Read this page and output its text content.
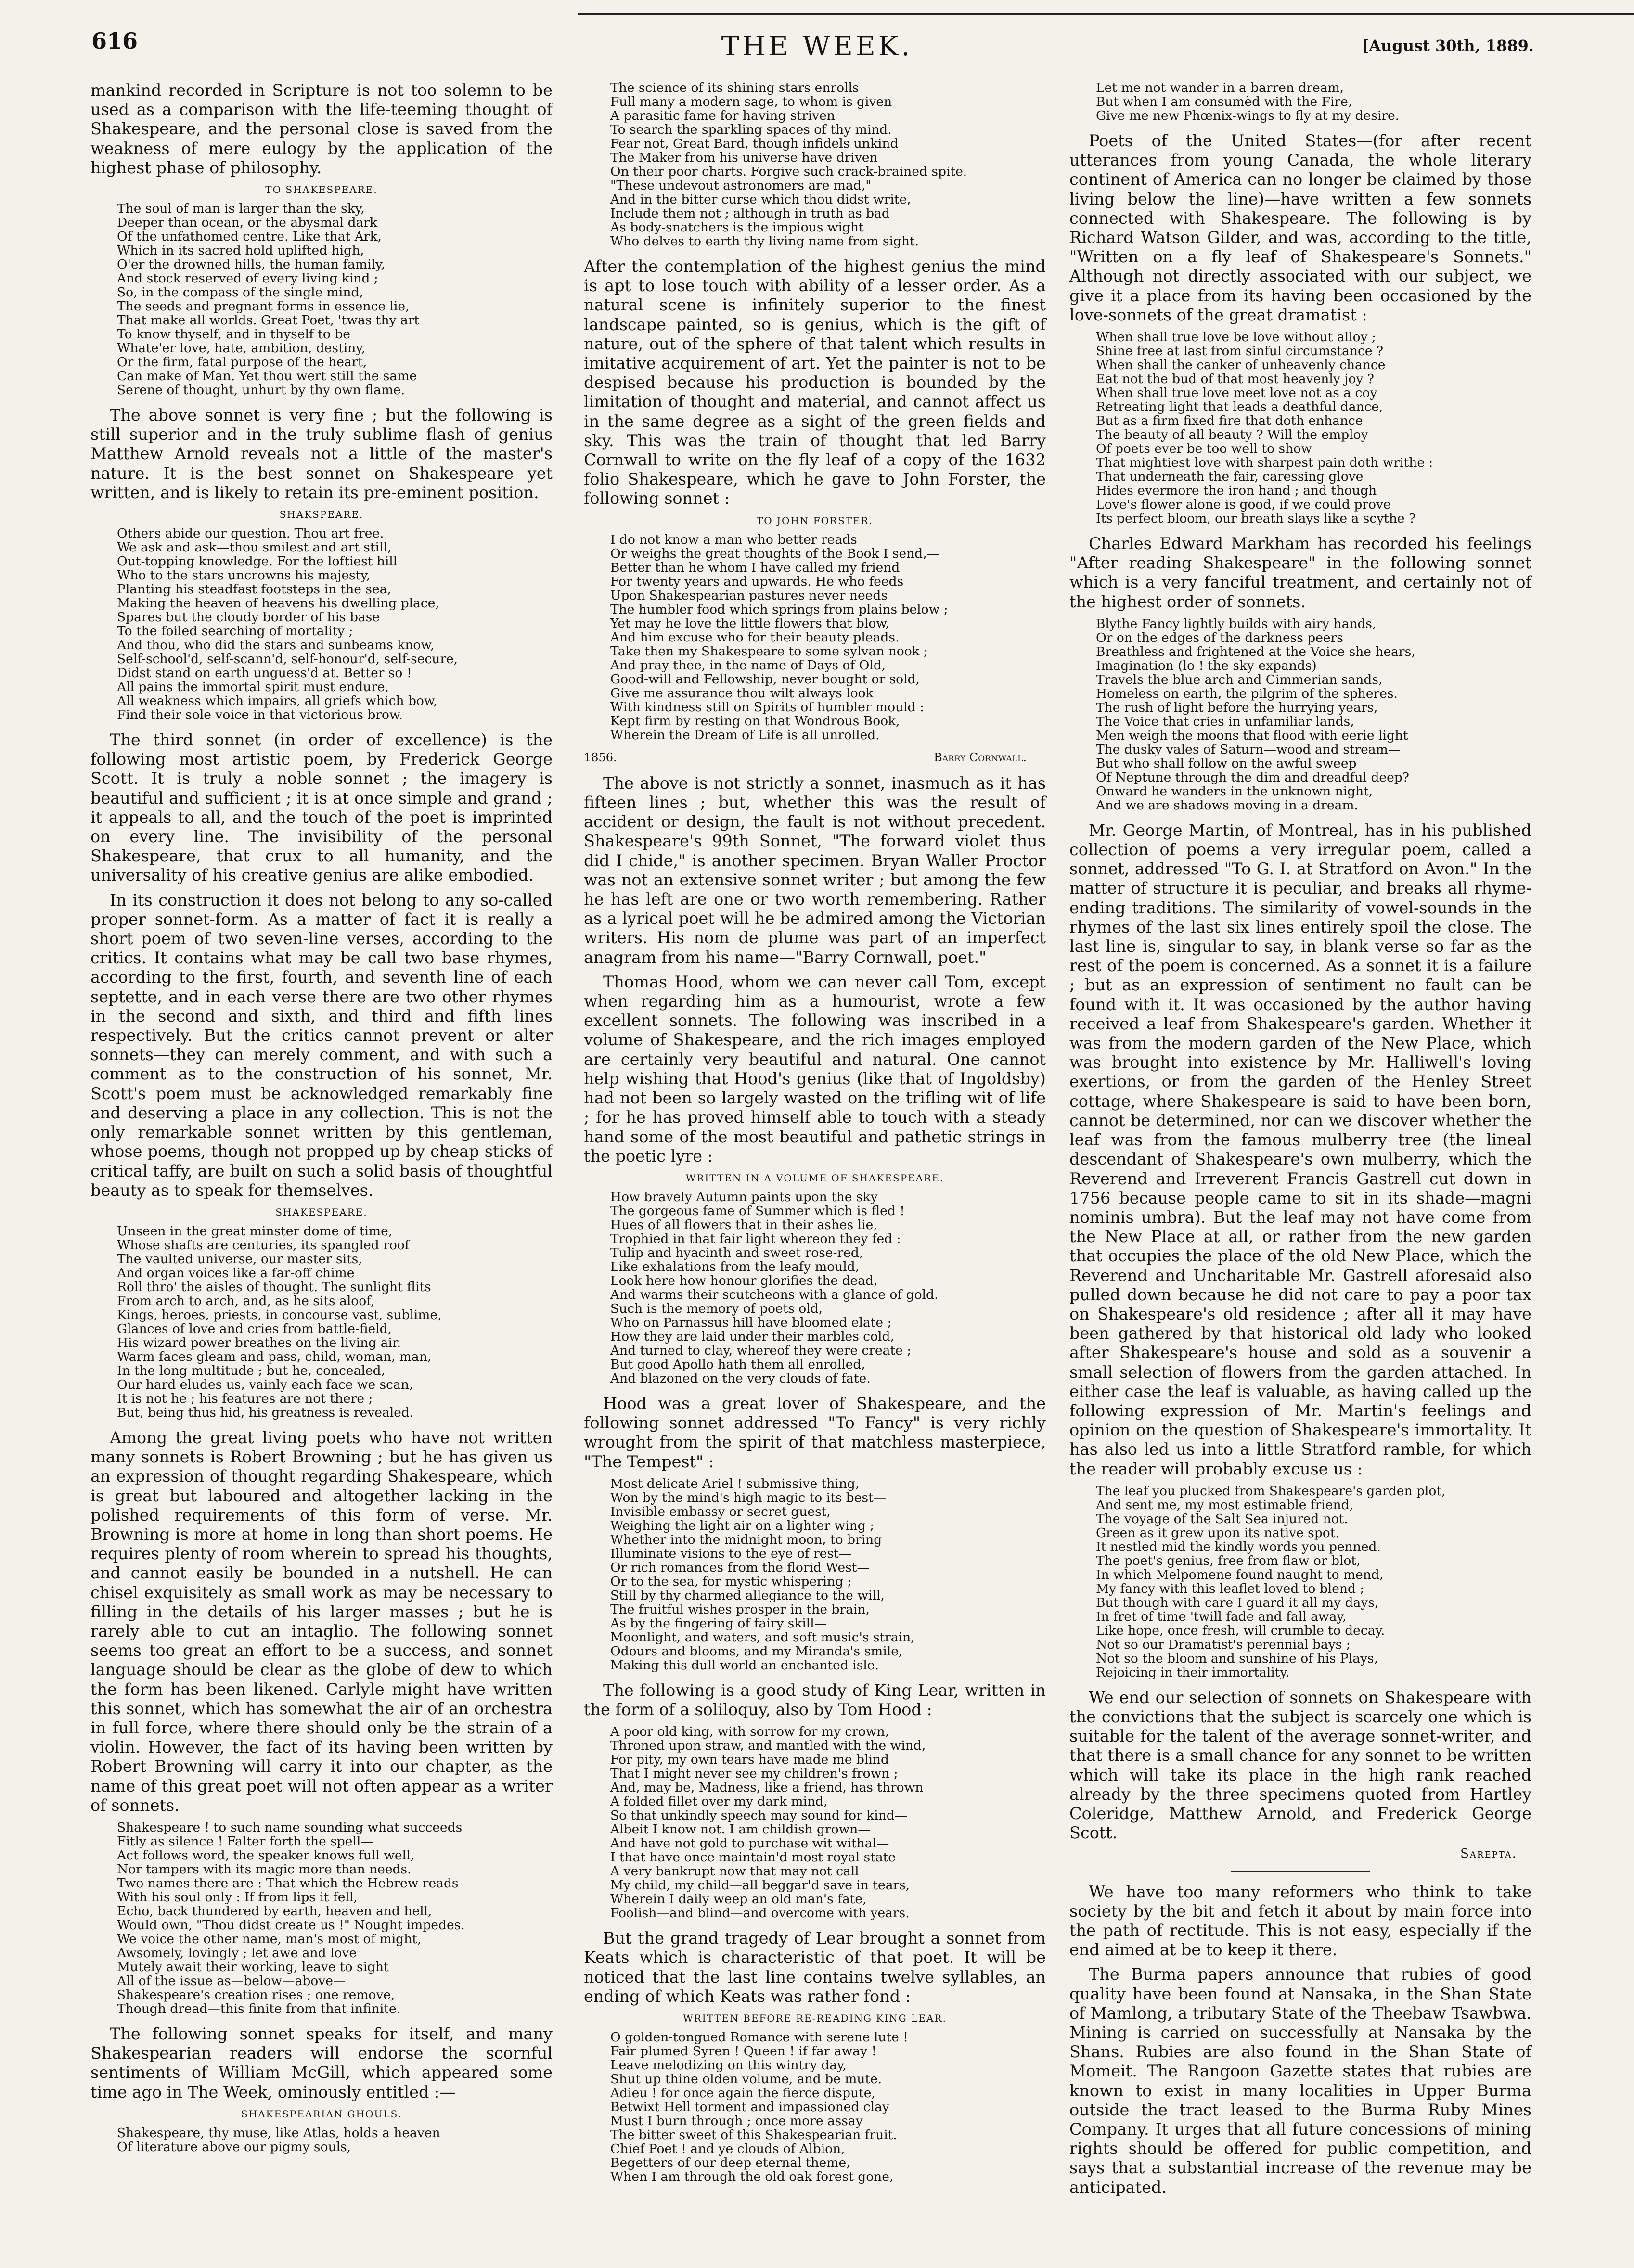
616	THE WEEK.	[August 30th, 1889.

mankind recorded in Scripture is not too solemn to be used as a comparison with the life-teeming thought of Shakespeare, and the personal close is saved from the weakness of mere eulogy by the application of the highest phase of philosophy.

TO SHAKESPEARE.
The soul of man is larger than the sky,
Deeper than ocean, or the abysmal dark
Of the unfathomed centre. Like that Ark,
Which in its sacred hold uplifted high,
O'er the drowned hills, the human family,
And stock reserved of every living kind ;
So, in the compass of the single mind,
The seeds and pregnant forms in essence lie,
That make all worlds. Great Poet, 'twas thy art
To know thyself, and in thyself to be
Whate'er love, hate, ambition, destiny,
Or the firm, fatal purpose of the heart,
Can make of Man. Yet thou wert still the same
Serene of thought, unhurt by thy own flame.

The above sonnet is very fine ; but the following is still superior and in the truly sublime flash of genius Matthew Arnold reveals not a little of the master's nature. It is the best sonnet on Shakespeare yet written, and is likely to retain its pre-eminent position.

SHAKSPEARE.
Others abide our question. Thou art free.
We ask and ask—thou smilest and art still,
Out-topping knowledge. For the loftiest hill
Who to the stars uncrowns his majesty,
Planting his steadfast footsteps in the sea,
Making the heaven of heavens his dwelling place,
Spares but the cloudy border of his base
To the foiled searching of mortality ;
And thou, who did the stars and sunbeams know,
Self-school'd, self-scann'd, self-honour'd, self-secure,
Didst stand on earth unguess'd at. Better so !
All pains the immortal spirit must endure,
All weakness which impairs, all griefs which bow,
Find their sole voice in that victorious brow.

The third sonnet (in order of excellence) is the following most artistic poem, by Frederick George Scott. It is truly a noble sonnet ; the imagery is beautiful and sufficient ; it is at once simple and grand ; it appeals to all, and the touch of the poet is imprinted on every line. The invisibility of the personal Shakespeare, that crux to all humanity, and the universality of his creative genius are alike embodied.

In its construction it does not belong to any so-called proper sonnet-form. As a matter of fact it is really a short poem of two seven-line verses, according to the critics. It contains what may be call two base rhymes, according to the first, fourth, and seventh line of each septette, and in each verse there are two other rhymes in the second and sixth, and third and fifth lines respectively. But the critics cannot prevent or alter sonnets—they can merely comment, and with such a comment as to the construction of his sonnet, Mr. Scott's poem must be acknowledged remarkably fine and deserving a place in any collection. This is not the only remarkable sonnet written by this gentleman, whose poems, though not propped up by cheap sticks of critical taffy, are built on such a solid basis of thoughtful beauty as to speak for themselves.

SHAKESPEARE.
Unseen in the great minster dome of time,
Whose shafts are centuries, its spangled roof
The vaulted universe, our master sits,
And organ voices like a far-off chime
Roll thro' the aisles of thought. The sunlight flits
From arch to arch, and, as he sits aloof,
Kings, heroes, priests, in concourse vast, sublime,
Glances of love and cries from battle-field,
His wizard power breathes on the living air.
Warm faces gleam and pass, child, woman, man,
In the long multitude ; but he, concealed,
Our hard eludes us, vainly each face we scan,
It is not he ; his features are not there ;
But, being thus hid, his greatness is revealed.

Among the great living poets who have not written many sonnets is Robert Browning ; but he has given us an expression of thought regarding Shakespeare, which is great but laboured and altogether lacking in the polished requirements of this form of verse. Mr. Browning is more at home in long than short poems. He requires plenty of room wherein to spread his thoughts, and cannot easily be bounded in a nutshell. He can chisel exquisitely as small work as may be necessary to filling in the details of his larger masses ; but he is rarely able to cut an intaglio. The following sonnet seems too great an effort to be a success, and sonnet language should be clear as the globe of dew to which the form has been likened. Carlyle might have written this sonnet, which has somewhat the air of an orchestra in full force, where there should only be the strain of a violin. However, the fact of its having been written by Robert Browning will carry it into our chapter, as the name of this great poet will not often appear as a writer of sonnets.

Shakespeare ! to such name sounding what succeeds
Fitly as silence ! Falter forth the spell—
Act follows word, the speaker knows full well,
Nor tampers with its magic more than needs.
Two names there are : That which the Hebrew reads
With his soul only : If from lips it fell,
Echo, back thundered by earth, heaven and hell,
Would own, "Thou didst create us !" Nought impedes.
We voice the other name, man's most of might,
Awsomely, lovingly ; let awe and love
Mutely await their working, leave to sight
All of the issue as—below—above—
Shakespeare's creation rises ; one remove,
Though dread—this finite from that infinite.

The following sonnet speaks for itself, and many Shakespearian readers will endorse the scornful sentiments of William McGill, which appeared some time ago in The Week, ominously entitled :—

SHAKESPEARIAN GHOULS.
Shakespeare, thy muse, like Atlas, holds a heaven
Of literature above our pigmy souls,
The science of its shining stars enrolls
Full many a modern sage, to whom is given
A parasitic fame for having striven
To search the sparkling spaces of thy mind.
Fear not, Great Bard, though infidels unkind
The Maker from his universe have driven
On their poor charts. Forgive such crack-brained spite.
"These undevout astronomers are mad,"
And in the bitter curse which thou didst write,
Include them not ; although in truth as bad
As body-snatchers is the impious wight
Who delves to earth thy living name from sight.

After the contemplation of the highest genius the mind is apt to lose touch with ability of a lesser order. As a natural scene is infinitely superior to the finest landscape painted, so is genius, which is the gift of nature, out of the sphere of that talent which results in imitative acquirement of art. Yet the painter is not to be despised because his production is bounded by the limitation of thought and material, and cannot affect us in the same degree as a sight of the green fields and sky. This was the train of thought that led Barry Cornwall to write on the fly leaf of a copy of the 1632 folio Shakespeare, which he gave to John Forster, the following sonnet :

TO JOHN FORSTER.
I do not know a man who better reads
Or weighs the great thoughts of the Book I send,—
Better than he whom I have called my friend
For twenty years and upwards. He who feeds
Upon Shakespearian pastures never needs
The humbler food which springs from plains below ;
Yet may he love the little flowers that blow,
And him excuse who for their beauty pleads.
Take then my Shakespeare to some sylvan nook ;
And pray thee, in the name of Days of Old,
Good-will and Fellowship, never bought or sold,
Give me assurance thou wilt always look
With kindness still on Spirits of humbler mould :
Kept firm by resting on that Wondrous Book,
Wherein the Dream of Life is all unrolled.
1856.	Barry Cornwall.

The above is not strictly a sonnet, inasmuch as it has fifteen lines ; but, whether this was the result of accident or design, the fault is not without precedent. Shakespeare's 99th Sonnet, "The forward violet thus did I chide," is another specimen. Bryan Waller Proctor was not an extensive sonnet writer ; but among the few he has left are one or two worth remembering. Rather as a lyrical poet will he be admired among the Victorian writers. His nom de plume was part of an imperfect anagram from his name—"Barry Cornwall, poet."

Thomas Hood, whom we can never call Tom, except when regarding him as a humourist, wrote a few excellent sonnets. The following was inscribed in a volume of Shakespeare, and the rich images employed are certainly very beautiful and natural. One cannot help wishing that Hood's genius (like that of Ingoldsby) had not been so largely wasted on the trifling wit of life ; for he has proved himself able to touch with a steady hand some of the most beautiful and pathetic strings in the poetic lyre :

WRITTEN IN A VOLUME OF SHAKESPEARE.
How bravely Autumn paints upon the sky
The gorgeous fame of Summer which is fled !
Hues of all flowers that in their ashes lie,
Trophied in that fair light whereon they fed :
Tulip and hyacinth and sweet rose-red,
Like exhalations from the leafy mould,
Look here how honour glorifies the dead,
And warms their scutcheons with a glance of gold.
Such is the memory of poets old,
Who on Parnassus hill have bloomed elate ;
How they are laid under their marbles cold,
And turned to clay, whereof they were create ;
But good Apollo hath them all enrolled,
And blazoned on the very clouds of fate.

Hood was a great lover of Shakespeare, and the following sonnet addressed "To Fancy" is very richly wrought from the spirit of that matchless masterpiece, "The Tempest" :

Most delicate Ariel ! submissive thing,
Won by the mind's high magic to its best—
Invisible embassy or secret guest,
Weighing the light air on a lighter wing ;
Whether into the midnight moon, to bring
Illuminate visions to the eye of rest—
Or rich romances from the florid West—
Or to the sea, for mystic whispering ;
Still by thy charmed allegiance to the will,
The fruitful wishes prosper in the brain,
As by the fingering of fairy skill—
Moonlight, and waters, and soft music's strain,
Odours and blooms, and my Miranda's smile,
Making this dull world an enchanted isle.

The following is a good study of King Lear, written in the form of a soliloquy, also by Tom Hood :

A poor old king, with sorrow for my crown,
Throned upon straw, and mantled with the wind,
For pity, my own tears have made me blind
That I might never see my children's frown ;
And, may be, Madness, like a friend, has thrown
A folded fillet over my dark mind,
So that unkindly speech may sound for kind—
Albeit I know not. I am childish grown—
And have not gold to purchase wit withal—
I that have once maintain'd most royal state—
A very bankrupt now that may not call
My child, my child—all beggar'd save in tears,
Wherein I daily weep an old man's fate,
Foolish—and blind—and overcome with years.

But the grand tragedy of Lear brought a sonnet from Keats which is characteristic of that poet. It will be noticed that the last line contains twelve syllables, an ending of which Keats was rather fond :

WRITTEN BEFORE RE-READING KING LEAR.
O golden-tongued Romance with serene lute !
Fair plumed Syren ! Queen ! if far away !
Leave melodizing on this wintry day,
Shut up thine olden volume, and be mute.
Adieu ! for once again the fierce dispute,
Betwixt Hell torment and impassioned clay
Must I burn through ; once more assay
The bitter sweet of this Shakespearian fruit.
Chief Poet ! and ye clouds of Albion,
Begetters of our deep eternal theme,
When I am through the old oak forest gone,
Let me not wander in a barren dream,
But when I am consumèd with the Fire,
Give me new Phœnix-wings to fly at my desire.

Poets of the United States—(for after recent utterances from young Canada, the whole literary continent of America can no longer be claimed by those living below the line)—have written a few sonnets connected with Shakespeare. The following is by Richard Watson Gilder, and was, according to the title, "Written on a fly leaf of Shakespeare's Sonnets." Although not directly associated with our subject, we give it a place from its having been occasioned by the love-sonnets of the great dramatist :

When shall true love be love without alloy ;
Shine free at last from sinful circumstance ?
When shall the canker of unheavenly chance
Eat not the bud of that most heavenly joy ?
When shall true love meet love not as a coy
Retreating light that leads a deathful dance,
But as a firm fixed fire that doth enhance
The beauty of all beauty ? Will the employ
Of poets ever be too well to show
That mightiest love with sharpest pain doth writhe :
That underneath the fair, caressing glove
Hides evermore the iron hand ; and though
Love's flower alone is good, if we could prove
Its perfect bloom, our breath slays like a scythe ?

Charles Edward Markham has recorded his feelings "After reading Shakespeare" in the following sonnet which is a very fanciful treatment, and certainly not of the highest order of sonnets.

Blythe Fancy lightly builds with airy hands,
Or on the edges of the darkness peers
Breathless and frightened at the Voice she hears,
Imagination (lo ! the sky expands)
Travels the blue arch and Cimmerian sands,
Homeless on earth, the pilgrim of the spheres.
The rush of light before the hurrying years,
The Voice that cries in unfamiliar lands,
Men weigh the moons that flood with eerie light
The dusky vales of Saturn—wood and stream—
But who shall follow on the awful sweep
Of Neptune through the dim and dreadful deep?
Onward he wanders in the unknown night,
And we are shadows moving in a dream.

Mr. George Martin, of Montreal, has in his published collection of poems a very irregular poem, called a sonnet, addressed "To G. I. at Stratford on Avon." In the matter of structure it is peculiar, and breaks all rhyme-ending traditions. The similarity of vowel-sounds in the rhymes of the last six lines entirely spoil the close. The last line is, singular to say, in blank verse so far as the rest of the poem is concerned. As a sonnet it is a failure ; but as an expression of sentiment no fault can be found with it. It was occasioned by the author having received a leaf from Shakespeare's garden. Whether it was from the modern garden of the New Place, which was brought into existence by Mr. Halliwell's loving exertions, or from the garden of the Henley Street cottage, where Shakespeare is said to have been born, cannot be determined, nor can we discover whether the leaf was from the famous mulberry tree (the lineal descendant of Shakespeare's own mulberry, which the Reverend and Irreverent Francis Gastrell cut down in 1756 because people came to sit in its shade—magni nominis umbra). But the leaf may not have come from the New Place at all, or rather from the new garden that occupies the place of the old New Place, which the Reverend and Uncharitable Mr. Gastrell aforesaid also pulled down because he did not care to pay a poor tax on Shakespeare's old residence ; after all it may have been gathered by that historical old lady who looked after Shakespeare's house and sold as a souvenir a small selection of flowers from the garden attached. In either case the leaf is valuable, as having called up the following expression of Mr. Martin's feelings and opinion on the question of Shakespeare's immortality. It has also led us into a little Stratford ramble, for which the reader will probably excuse us :

The leaf you plucked from Shakespeare's garden plot,
And sent me, my most estimable friend,
The voyage of the Salt Sea injured not.
Green as it grew upon its native spot.
It nestled mid the kindly words you penned.
The poet's genius, free from flaw or blot,
In which Melpomene found naught to mend,
My fancy with this leaflet loved to blend ;
But though with care I guard it all my days,
In fret of time 'twill fade and fall away,
Like hope, once fresh, will crumble to decay.
Not so our Dramatist's perennial bays ;
Not so the bloom and sunshine of his Plays,
Rejoicing in their immortality.

We end our selection of sonnets on Shakespeare with the convictions that the subject is scarcely one which is suitable for the talent of the average sonnet-writer, and that there is a small chance for any sonnet to be written which will take its place in the high rank reached already by the three specimens quoted from Hartley Coleridge, Matthew Arnold, and Frederick George Scott.

Sarepta.

We have too many reformers who think to take society by the bit and fetch it about by main force into the path of rectitude. This is not easy, especially if the end aimed at be to keep it there.

The Burma papers announce that rubies of good quality have been found at Nansaka, in the Shan State of Mamlong, a tributary State of the Theebaw Tsawbwa. Mining is carried on successfully at Nansaka by the Shans. Rubies are also found in the Shan State of Momeit. The Rangoon Gazette states that rubies are known to exist in many localities in Upper Burma outside the tract leased to the Burma Ruby Mines Company. It urges that all future concessions of mining rights should be offered for public competition, and says that a substantial increase of the revenue may be anticipated.
